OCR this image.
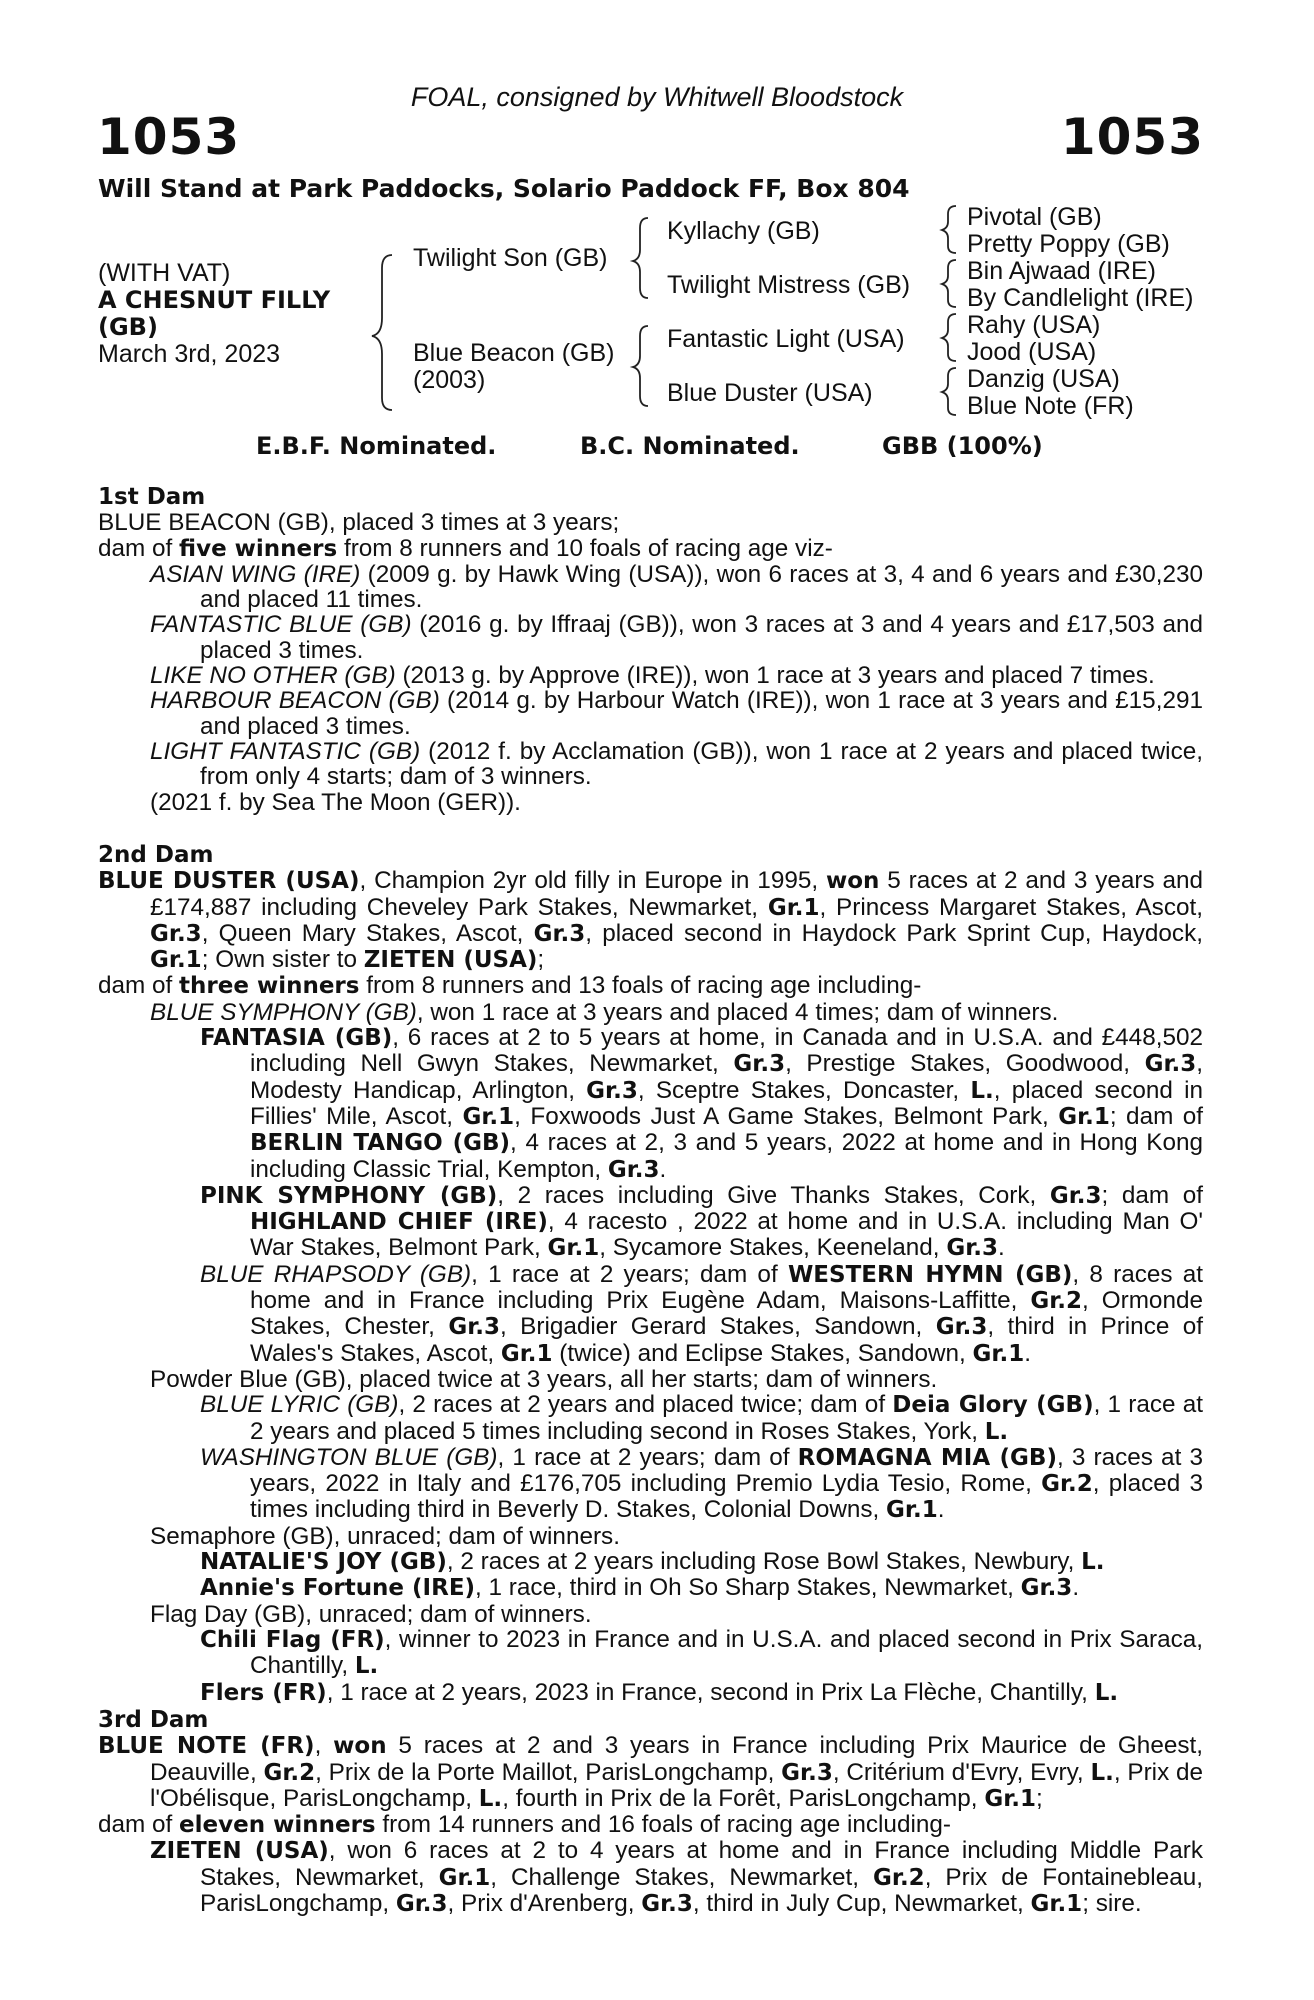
FOAL, consigned by Whitwell Bloodstock
1053	1053
Will Stand at Park Paddocks, Solario Paddock FF, Box 804
(WITH VAT)
A CHESNUT FILLY
(GB)
March 3rd, 2023
Twilight Son (GB)
Blue Beacon (GB)
(2003)
Kyllachy (GB)
Twilight Mistress (GB)
Fantastic Light (USA)
Blue Duster (USA)
Pivotal (GB)
Pretty Poppy (GB)
Bin Ajwaad (IRE)
By Candlelight (IRE)
Rahy (USA)
Jood (USA)
Danzig (USA)
Blue Note (FR)
E.B.F. Nominated.	B.C. Nominated.	GBB (100%)

1st Dam

BLUE BEACON (GB), placed 3 times at 3 years;

dam of five winners from 8 runners and 10 foals of racing age viz-

ASIAN WING (IRE) (2009 g. by Hawk Wing (USA)), won 6 races at 3, 4 and 6 years and £30,230 and placed 11 times.

FANTASTIC BLUE (GB) (2016 g. by Iffraaj (GB)), won 3 races at 3 and 4 years and £17,503 and placed 3 times.

LIKE NO OTHER (GB) (2013 g. by Approve (IRE)), won 1 race at 3 years and placed 7 times.

HARBOUR BEACON (GB) (2014 g. by Harbour Watch (IRE)), won 1 race at 3 years and £15,291 and placed 3 times.

LIGHT FANTASTIC (GB) (2012 f. by Acclamation (GB)), won 1 race at 2 years and placed twice, from only 4 starts; dam of 3 winners.

(2021 f. by Sea The Moon (GER)).

2nd Dam

BLUE DUSTER (USA), Champion 2yr old filly in Europe in 1995, won 5 races at 2 and 3 years and £174,887 including Cheveley Park Stakes, Newmarket, Gr.1, Princess Margaret Stakes, Ascot, Gr.3, Queen Mary Stakes, Ascot, Gr.3, placed second in Haydock Park Sprint Cup, Haydock, Gr.1; Own sister to ZIETEN (USA);

dam of three winners from 8 runners and 13 foals of racing age including-

BLUE SYMPHONY (GB), won 1 race at 3 years and placed 4 times; dam of winners.

FANTASIA (GB), 6 races at 2 to 5 years at home, in Canada and in U.S.A. and £448,502 including Nell Gwyn Stakes, Newmarket, Gr.3, Prestige Stakes, Goodwood, Gr.3, Modesty Handicap, Arlington, Gr.3, Sceptre Stakes, Doncaster, L., placed second in Fillies' Mile, Ascot, Gr.1, Foxwoods Just A Game Stakes, Belmont Park, Gr.1; dam of BERLIN TANGO (GB), 4 races at 2, 3 and 5 years, 2022 at home and in Hong Kong including Classic Trial, Kempton, Gr.3.

PINK SYMPHONY (GB), 2 races including Give Thanks Stakes, Cork, Gr.3; dam of HIGHLAND CHIEF (IRE), 4 racesto , 2022 at home and in U.S.A. including Man O' War Stakes, Belmont Park, Gr.1, Sycamore Stakes, Keeneland, Gr.3.

BLUE RHAPSODY (GB), 1 race at 2 years; dam of WESTERN HYMN (GB), 8 races at home and in France including Prix Eugène Adam, Maisons-Laffitte, Gr.2, Ormonde Stakes, Chester, Gr.3, Brigadier Gerard Stakes, Sandown, Gr.3, third in Prince of Wales's Stakes, Ascot, Gr.1 (twice) and Eclipse Stakes, Sandown, Gr.1.

Powder Blue (GB), placed twice at 3 years, all her starts; dam of winners.

BLUE LYRIC (GB), 2 races at 2 years and placed twice; dam of Deia Glory (GB), 1 race at 2 years and placed 5 times including second in Roses Stakes, York, L.

WASHINGTON BLUE (GB), 1 race at 2 years; dam of ROMAGNA MIA (GB), 3 races at 3 years, 2022 in Italy and £176,705 including Premio Lydia Tesio, Rome, Gr.2, placed 3 times including third in Beverly D. Stakes, Colonial Downs, Gr.1.

Semaphore (GB), unraced; dam of winners.

NATALIE'S JOY (GB), 2 races at 2 years including Rose Bowl Stakes, Newbury, L.

Annie's Fortune (IRE), 1 race, third in Oh So Sharp Stakes, Newmarket, Gr.3.

Flag Day (GB), unraced; dam of winners.

Chili Flag (FR), winner to 2023 in France and in U.S.A. and placed second in Prix Saraca, Chantilly, L.

Flers (FR), 1 race at 2 years, 2023 in France, second in Prix La Flèche, Chantilly, L.

3rd Dam

BLUE NOTE (FR), won 5 races at 2 and 3 years in France including Prix Maurice de Gheest, Deauville, Gr.2, Prix de la Porte Maillot, ParisLongchamp, Gr.3, Critérium d'Evry, Evry, L., Prix de l'Obélisque, ParisLongchamp, L., fourth in Prix de la Forêt, ParisLongchamp, Gr.1;

dam of eleven winners from 14 runners and 16 foals of racing age including-

ZIETEN (USA), won 6 races at 2 to 4 years at home and in France including Middle Park Stakes, Newmarket, Gr.1, Challenge Stakes, Newmarket, Gr.2, Prix de Fontainebleau, ParisLongchamp, Gr.3, Prix d'Arenberg, Gr.3, third in July Cup, Newmarket, Gr.1; sire.
